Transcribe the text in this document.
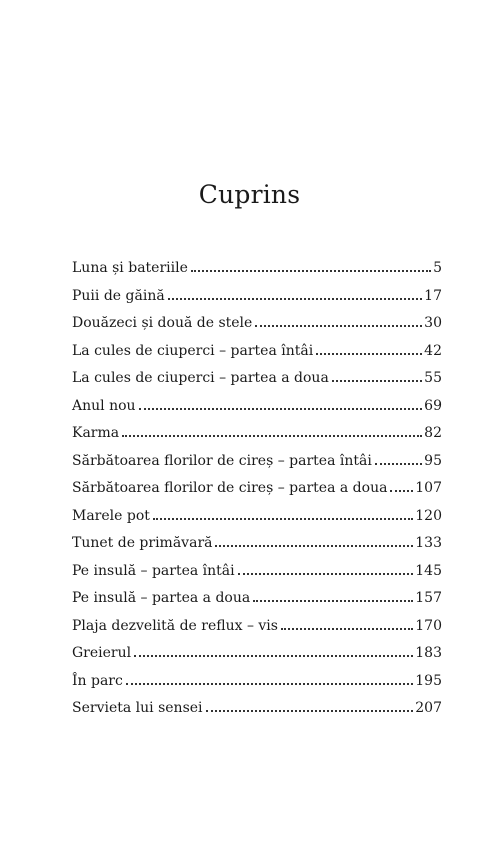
Cuprins
Luna și bateriile	5
Puii de găină	17
Douăzeci și două de stele	30
La cules de ciuperci – partea întâi	42
La cules de ciuperci – partea a doua	55
Anul nou	69
Karma	82
Sărbătoarea florilor de cireș – partea întâi	95
Sărbătoarea florilor de cireș – partea a doua 107
Marele pot	120
Tunet de primăvară	133
Pe insulă – partea întâi	145
Pe insulă – partea a doua	157
Plaja dezvelită de reflux – vis	170
Greierul	183
În parc	195
Servieta lui sensei	207
